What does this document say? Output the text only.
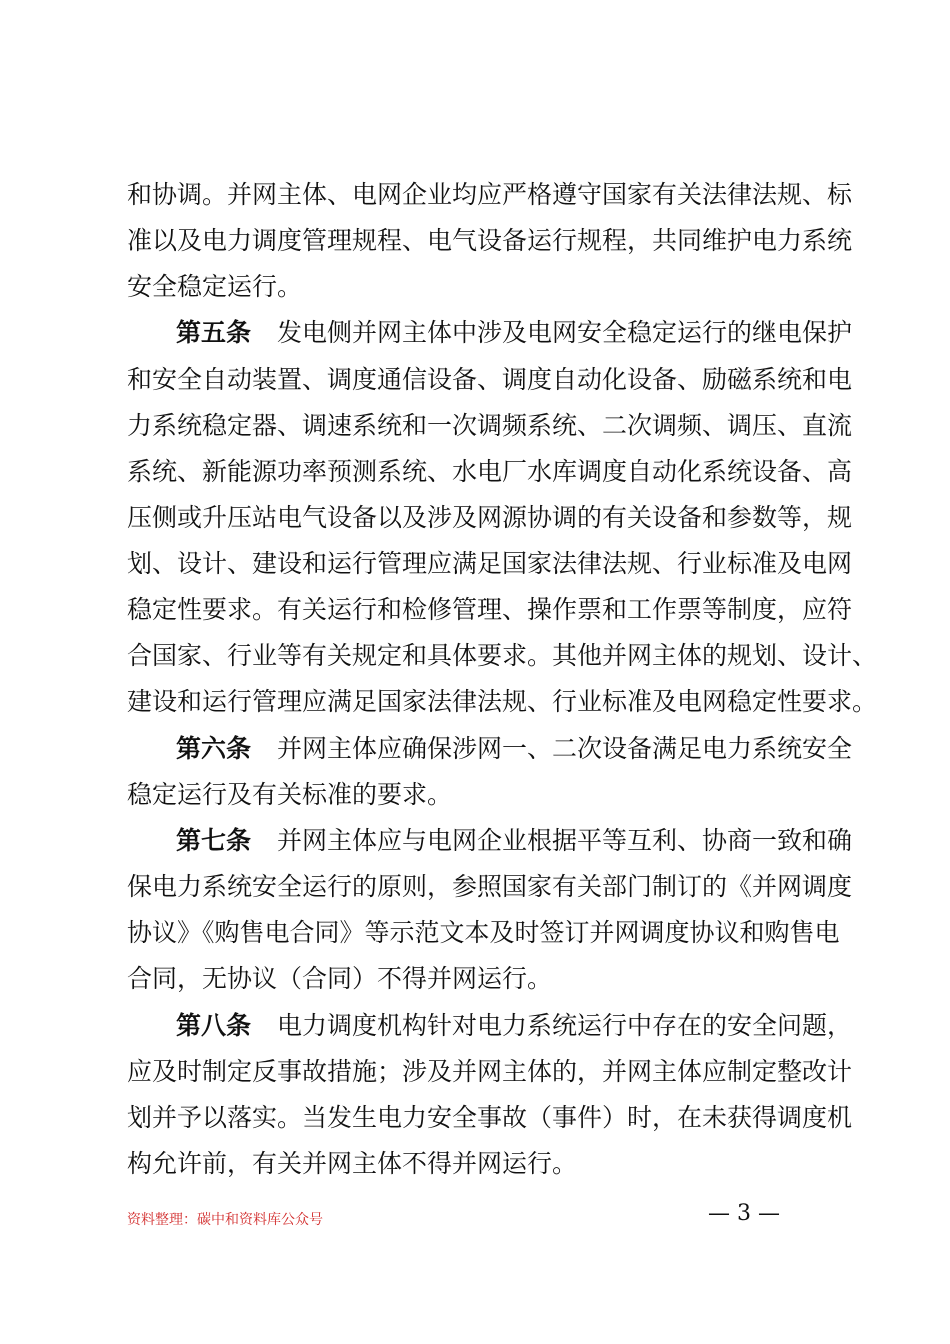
和协调。并网主体、电网企业均应严格遵守国家有关法律法规、标
准以及电力调度管理规程、电气设备运行规程，共同维护电力系统
安全稳定运行。
第五条 发电侧并网主体中涉及电网安全稳定运行的继电保护
和安全自动装置、调度通信设备、调度自动化设备、励磁系统和电
力系统稳定器、调速系统和一次调频系统、二次调频、调压、直流
系统、新能源功率预测系统、水电厂水库调度自动化系统设备、高
压侧或升压站电气设备以及涉及网源协调的有关设备和参数等，规
划、设计、建设和运行管理应满足国家法律法规、行业标准及电网
稳定性要求。有关运行和检修管理、操作票和工作票等制度，应符
合国家、行业等有关规定和具体要求。其他并网主体的规划、设计、
建设和运行管理应满足国家法律法规、行业标准及电网稳定性要求。
第六条 并网主体应确保涉网一、二次设备满足电力系统安全
稳定运行及有关标准的要求。
第七条 并网主体应与电网企业根据平等互利、协商一致和确
保电力系统安全运行的原则，参照国家有关部门制订的《并网调度
协议》《购售电合同》等示范文本及时签订并网调度协议和购售电
合同，无协议（合同）不得并网运行。
第八条 电力调度机构针对电力系统运行中存在的安全问题，
应及时制定反事故措施；涉及并网主体的，并网主体应制定整改计
划并予以落实。当发生电力安全事故（事件）时，在未获得调度机
构允许前，有关并网主体不得并网运行。
资料整理：碳中和资料库公众号	— 3 —
